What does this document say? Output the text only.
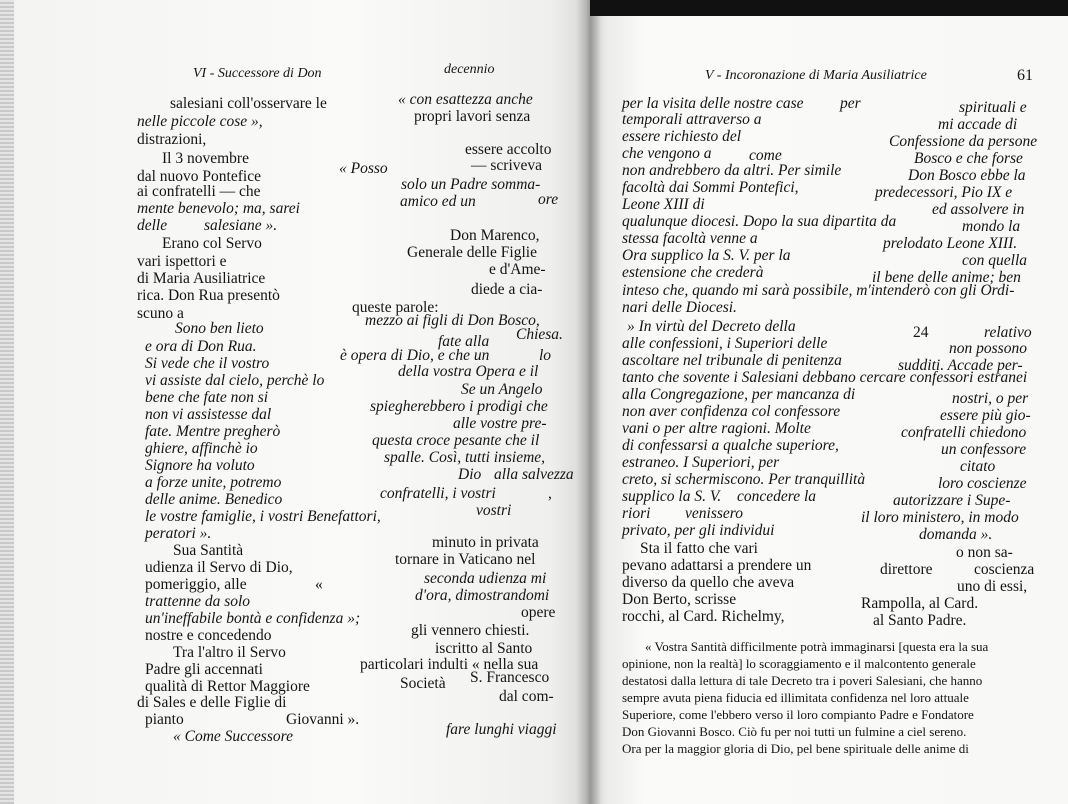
VI - Successore di Don	decennio
salesiani coll'osservare le	« con esattezza anche
nelle piccole cose »,	propri lavori senza
distrazioni,
essere accolto
Il 3 novembre	— scriveva
« Posso
dal nuovo Pontefice	solo un Padre somma-
ai confratelli — che
amico ed un	ore
mente benevolo; ma, sarei
delle salesiane ».
Don Marenco,
Erano col Servo
Generale delle Figlie
vari ispettori e	e d'Ame-
di Maria Ausiliatrice
rica. Don Rua presentò	diede a cia-
scuno a	queste parole:
mezzo ai figli di Don Bosco,
Sono ben lieto
fate alla Chiesa.
e ora di Don Rua.
Si vede che il vostro	è opera di Dio, e che un	lo
vi assiste dal cielo, perchè lo
della vostra Opera e il
Se un Angelo
bene che fate non si
non vi assistesse dal	spiegherebbero i prodigi che
alle vostre pre-
fate. Mentre pregherò
questa croce pesante che il
ghiere, affinchè io
spalle. Così, tutti insieme,
Signore ha voluto
Dio alla salvezza
a forze unite, potremo
delle anime. Benedico	confratelli, i vostri	,
le vostre famiglie, i vostri Benefattori,	vostri
peratori ».
minuto in privata
Sua Santità
udienza il Servo di Dio,	tornare in Vaticano nel
seconda udienza mi
pomeriggio, alle	«
trattenne da solo	d'ora, dimostrandomi
opere
un'ineffabile bontà e confidenza »;
nostre e concedendo	gli vennero chiesti.
Tra l'altro il Servo	iscritto al Santo
Padre gli accennati	particolari indulti « nella sua
S. Francesco
qualità di Rettor Maggiore	Società
di Sales e delle Figlie di	dal com-
pianto	Giovanni ».
« Come Successore	fare lunghi viaggi
V - Incoronazione di Maria Ausiliatrice	61
per la visita delle nostre case per	spirituali e
temporali attraverso a	mi accade di
essere richiesto del	Confessione da persone
che vengono a come	Bosco e che forse
non andrebbero da altri. Per simile	Don Bosco ebbe la
facoltà dai Sommi Pontefici,	predecessori, Pio IX e
Leone XIII di	ed assolvere in
qualunque diocesi. Dopo la sua dipartita da	mondo la
stessa facoltà venne a	prelodato Leone XIII.
Ora supplico la S. V. per la	con quella
estensione che crederà	il bene delle anime; ben
inteso che, quando mi sarà possibile, m'intenderò con gli Ordi-
nari delle Diocesi.
» In virtù del Decreto della	24	relativo
alle confessioni, i Superiori delle	non possono
ascoltare nel tribunale di penitenza	sudditi. Accade per-
tanto che sovente i Salesiani debbano cercare confessori estranei
alla Congregazione, per mancanza di	nostri, o per
non aver confidenza col confessore	essere più gio-
vani o per altre ragioni. Molte	confratelli chiedono
di confessarsi a qualche superiore,	un confessore
estraneo. I Superiori, per	citato
creto, si schermiscono. Per tranquillità	loro coscienze
supplico la S. V. concedere la	autorizzare i Supe-
riori venissero	il loro ministero, in modo
privato, per gli individui	domanda ».
Sta il fatto che vari	o non sa-
pevano adattarsi a prendere un	direttore	coscienza
diverso da quello che aveva	uno di essi,
Don Berto, scrisse	Rampolla, al Card.
rocchi, al Card. Richelmy,	al Santo Padre.
« Vostra Santità difficilmente potrà immaginarsi [questa era la sua
opinione, non la realtà] lo scoraggiamento e il malcontento generale
destatosi dalla lettura di tale Decreto tra i poveri Salesiani, che hanno
sempre avuta piena fiducia ed illimitata confidenza nel loro attuale
Superiore, come l'ebbero verso il loro compianto Padre e Fondatore
Don Giovanni Bosco. Ciò fu per noi tutti un fulmine a ciel sereno.
Ora per la maggior gloria di Dio, pel bene spirituale delle anime di
